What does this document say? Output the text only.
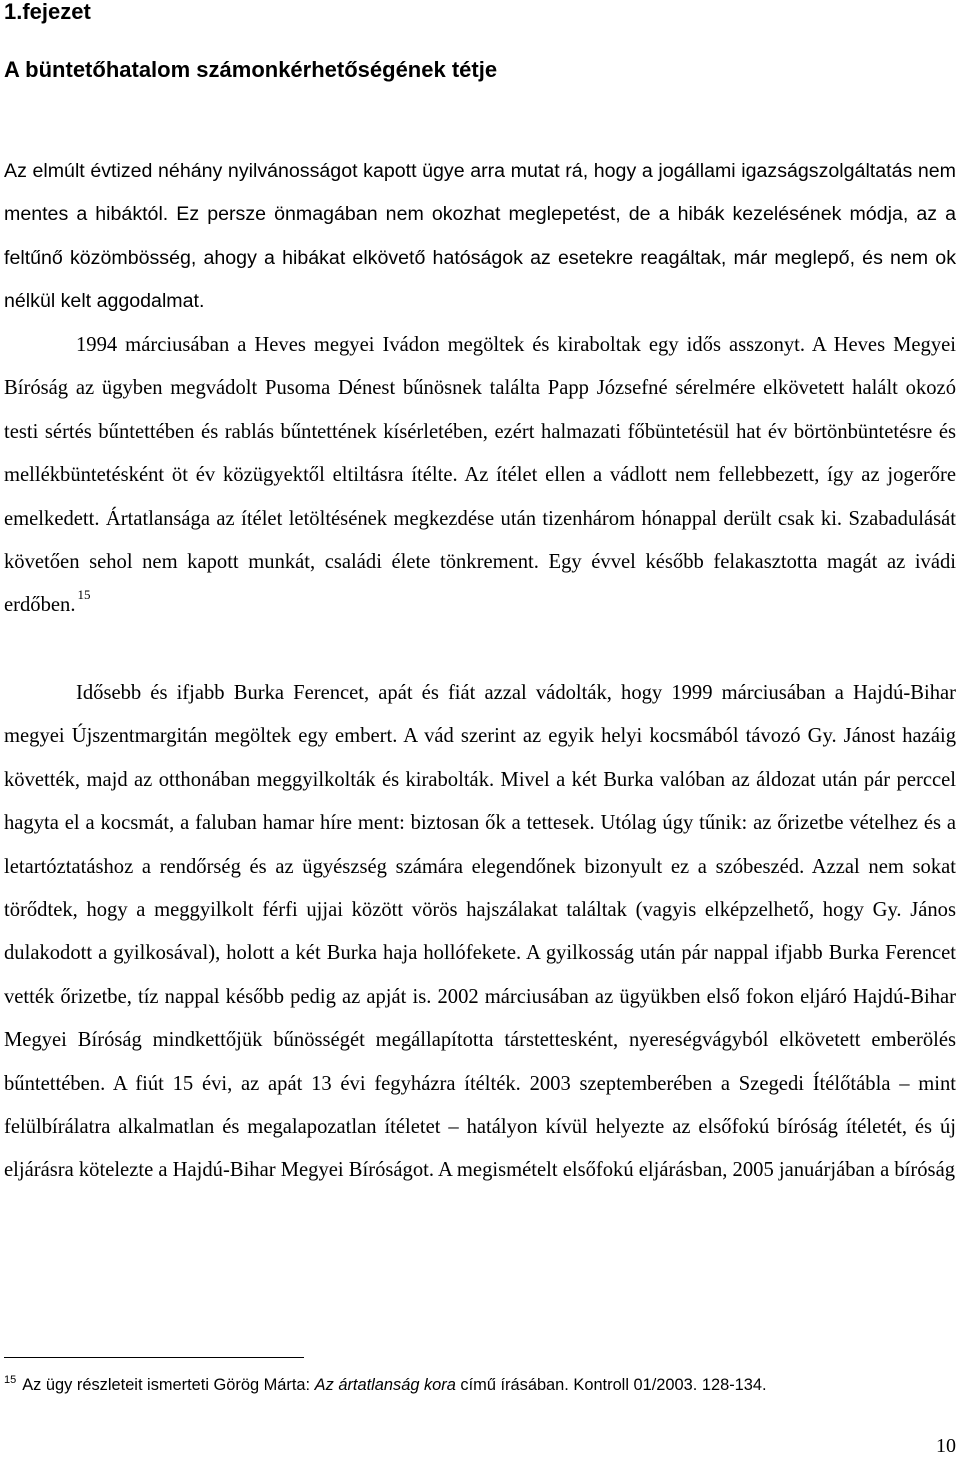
1.fejezet
A büntetőhatalom számonkérhetőségének tétje

Az elmúlt évtized néhány nyilvánosságot kapott ügye arra mutat rá, hogy a jogállami igazságszolgáltatás nem mentes a hibáktól. Ez persze önmagában nem okozhat meglepetést, de a hibák kezelésének módja, az a feltűnő közömbösség, ahogy a hibákat elkövető hatóságok az esetekre reagáltak, már meglepő, és nem ok nélkül kelt aggodalmat.

1994 márciusában a Heves megyei Ivádon megöltek és kiraboltak egy idős asszonyt. A Heves Megyei Bíróság az ügyben megvádolt Pusoma Dénest bűnösnek találta Papp Józsefné sérelmére elkövetett halált okozó testi sértés bűntettében és rablás bűntettének kísérletében, ezért halmazati főbüntetésül hat év börtönbüntetésre és mellékbüntetésként öt év közügyektől eltiltásra ítélte. Az ítélet ellen a vádlott nem fellebbezett, így az jogerőre emelkedett. Ártatlansága az ítélet letöltésének megkezdése után tizenhárom hónappal derült csak ki. Szabadulását követően sehol nem kapott munkát, családi élete tönkrement. Egy évvel később felakasztotta magát az ivádi erdőben. $^{15}$

Idősebb és ifjabb Burka Ferencet, apát és fiát azzal vádolták, hogy 1999 márciusában a Hajdú-Bihar megyei Újszentmargitán megöltek egy embert. A vád szerint az egyik helyi kocsmából távozó Gy. Jánost hazáig követték, majd az otthonában meggyilkolták és kirabolták. Mivel a két Burka valóban az áldozat után pár perccel hagyta el a kocsmát, a faluban hamar híre ment: biztosan ők a tettesek. Utólag úgy tűnik: az őrizetbe vételhez és a letartóztatáshoz a rendőrség és az ügyészség számára elegendőnek bizonyult ez a szóbeszéd. Azzal nem sokat törődtek, hogy a meggyilkolt férfi ujjai között vörös hajszálakat találtak (vagyis elképzelhető, hogy Gy. János dulakodott a gyilkosával), holott a két Burka haja hollófekete. A gyilkosság után pár nappal ifjabb Burka Ferencet vették őrizetbe, tíz nappal később pedig az apját is. 2002 márciusában az ügyükben első fokon eljáró Hajdú-Bihar Megyei Bíróság mindkettőjük bűnösségét megállapította társtettesként, nyereségvágyból elkövetett emberölés bűntettében. A fiút 15 évi, az apát 13 évi fegyházra ítélték. 2003 szeptemberében a Szegedi Ítélőtábla – mint felülbírálatra alkalmatlan és megalapozatlan ítéletet – hatályon kívül helyezte az elsőfokú bíróság ítéletét, és új eljárásra kötelezte a Hajdú-Bihar Megyei Bíróságot. A megismételt elsőfokú eljárásban, 2005 januárjában a bíróság

$^{15}$ Az ügy részleteit ismerteti Görög Márta: Az ártatlanság kora című írásában. Kontroll 01/2003. 128-134.

10
